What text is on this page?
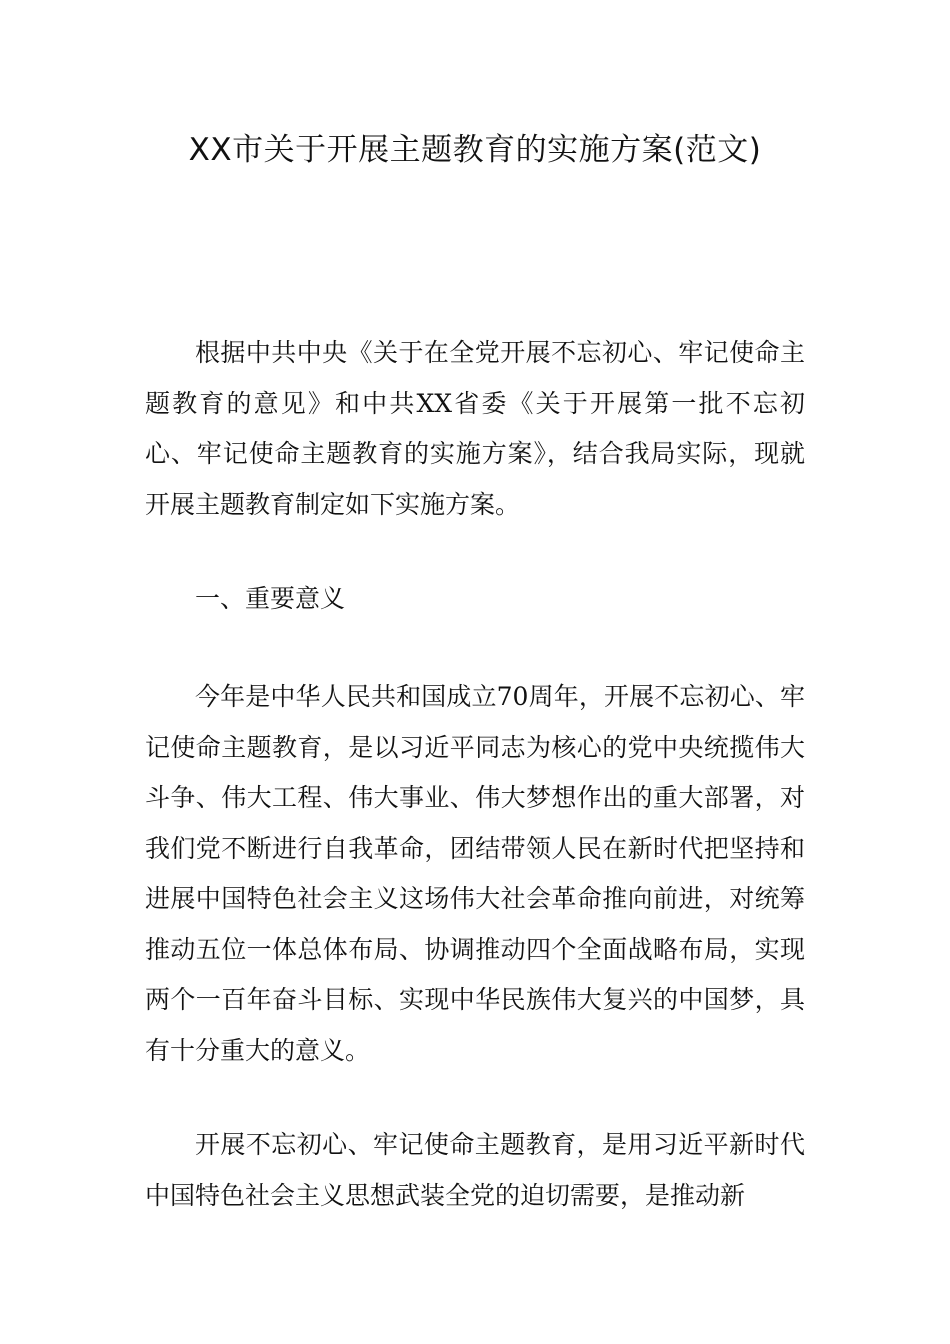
XX市关于开展主题教育的实施方案(范文)

根据中共中央《关于在全党开展不忘初心、牢记使命主题教育的意见》和中共XX省委《关于开展第一批不忘初心、牢记使命主题教育的实施方案》，结合我局实际，现就开展主题教育制定如下实施方案。

一、重要意义

今年是中华人民共和国成立70周年，开展不忘初心、牢记使命主题教育，是以习近平同志为核心的党中央统揽伟大斗争、伟大工程、伟大事业、伟大梦想作出的重大部署，对我们党不断进行自我革命，团结带领人民在新时代把坚持和进展中国特色社会主义这场伟大社会革命推向前进，对统筹推动五位一体总体布局、协调推动四个全面战略布局，实现两个一百年奋斗目标、实现中华民族伟大复兴的中国梦，具有十分重大的意义。

开展不忘初心、牢记使命主题教育，是用习近平新时代中国特色社会主义思想武装全党的迫切需要，是推动新
